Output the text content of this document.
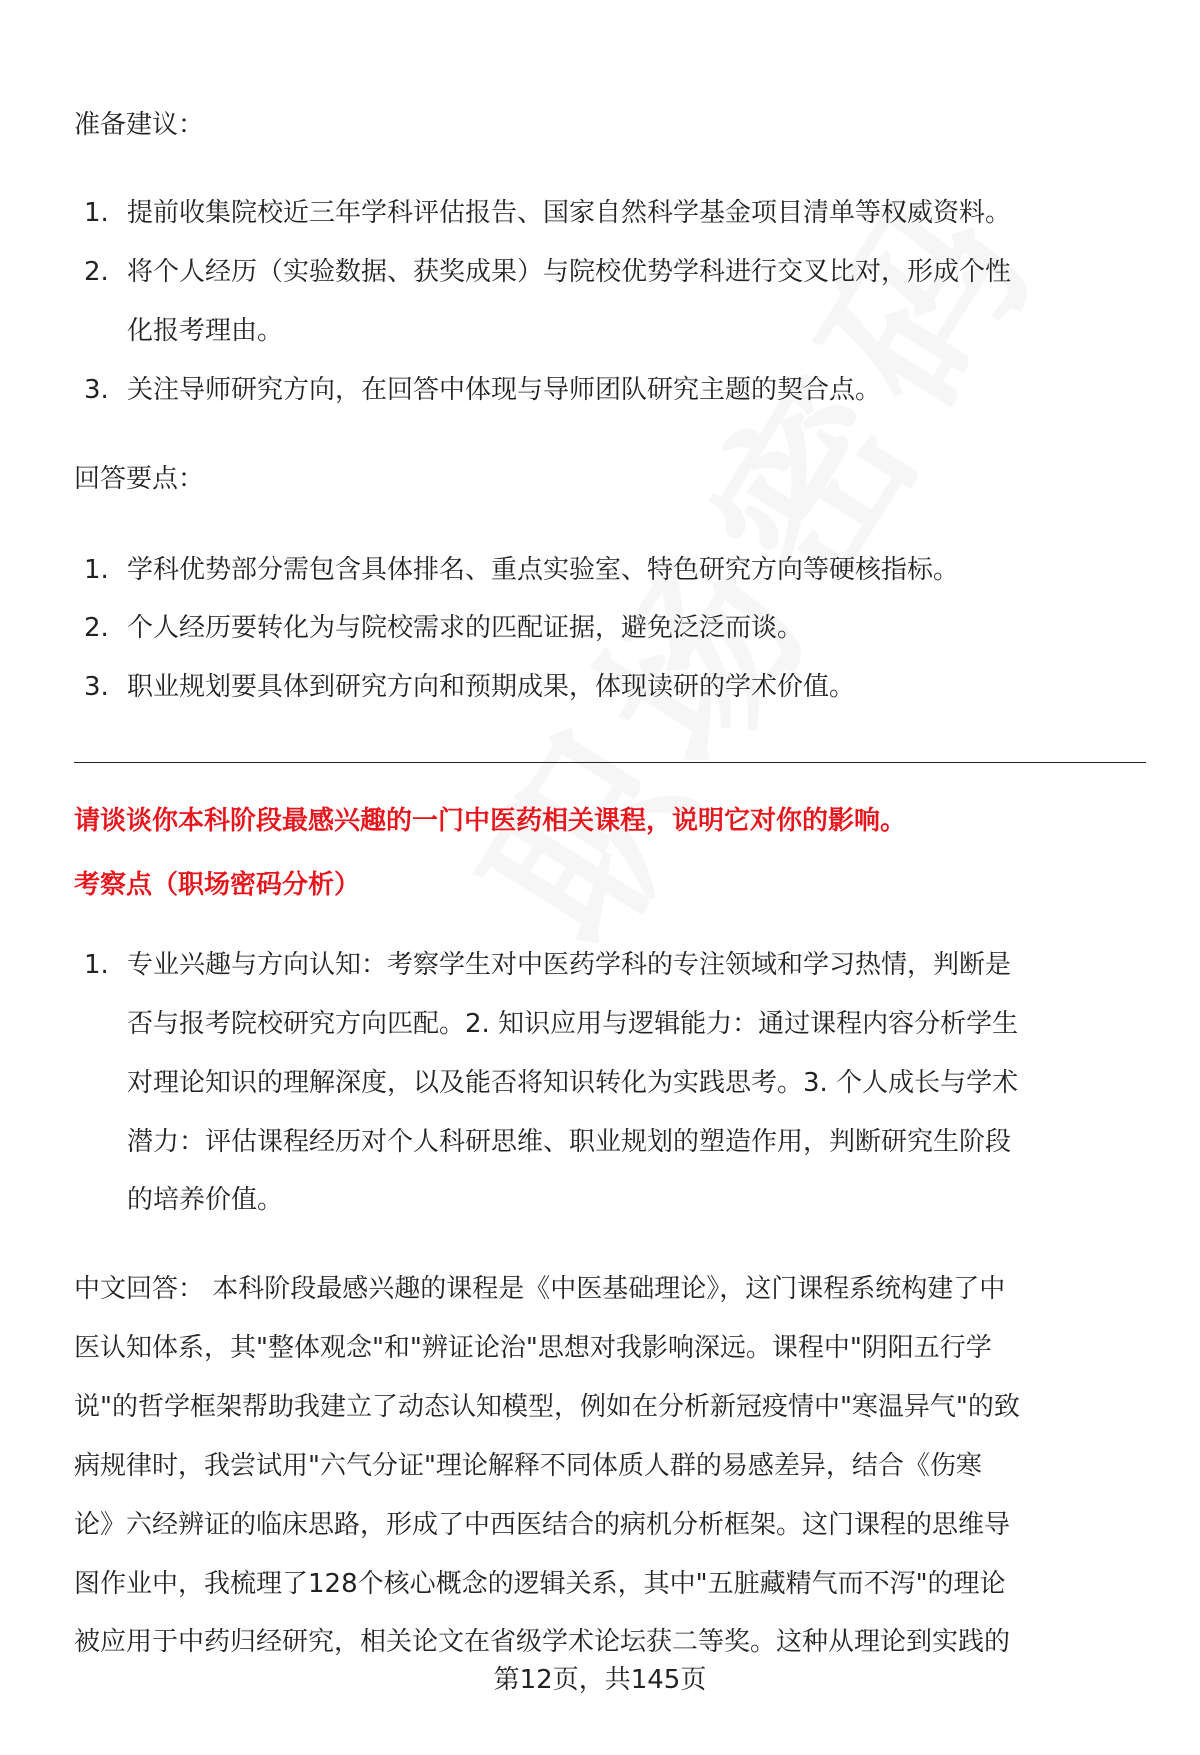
准备建议：
1. 提前收集院校近三年学科评估报告、国家自然科学基金项目清单等权威资料。
2. 将个人经历（实验数据、获奖成果）与院校优势学科进行交叉比对，形成个性
化报考理由。
3. 关注导师研究方向，在回答中体现与导师团队研究主题的契合点。
回答要点：
1. 学科优势部分需包含具体排名、重点实验室、特色研究方向等硬核指标。
2. 个人经历要转化为与院校需求的匹配证据，避免泛泛而谈。
3. 职业规划要具体到研究方向和预期成果，体现读研的学术价值。
请谈谈你本科阶段最感兴趣的一门中医药相关课程，说明它对你的影响。
考察点（职场密码分析）
1. 专业兴趣与方向认知：考察学生对中医药学科的专注领域和学习热情，判断是
否与报考院校研究方向匹配。2. 知识应用与逻辑能力：通过课程内容分析学生
对理论知识的理解深度，以及能否将知识转化为实践思考。3. 个人成长与学术
潜力：评估课程经历对个人科研思维、职业规划的塑造作用，判断研究生阶段
的培养价值。
中文回答： 本科阶段最感兴趣的课程是《中医基础理论》，这门课程系统构建了中
医认知体系，其"整体观念"和"辨证论治"思想对我影响深远。课程中"阴阳五行学
说"的哲学框架帮助我建立了动态认知模型，例如在分析新冠疫情中"寒温异气"的致
病规律时，我尝试用"六气分证"理论解释不同体质人群的易感差异，结合《伤寒
论》六经辨证的临床思路，形成了中西医结合的病机分析框架。这门课程的思维导
图作业中，我梳理了128个核心概念的逻辑关系，其中"五脏藏精气而不泻"的理论
被应用于中药归经研究，相关论文在省级学术论坛获二等奖。这种从理论到实践的
第12页，共145页
